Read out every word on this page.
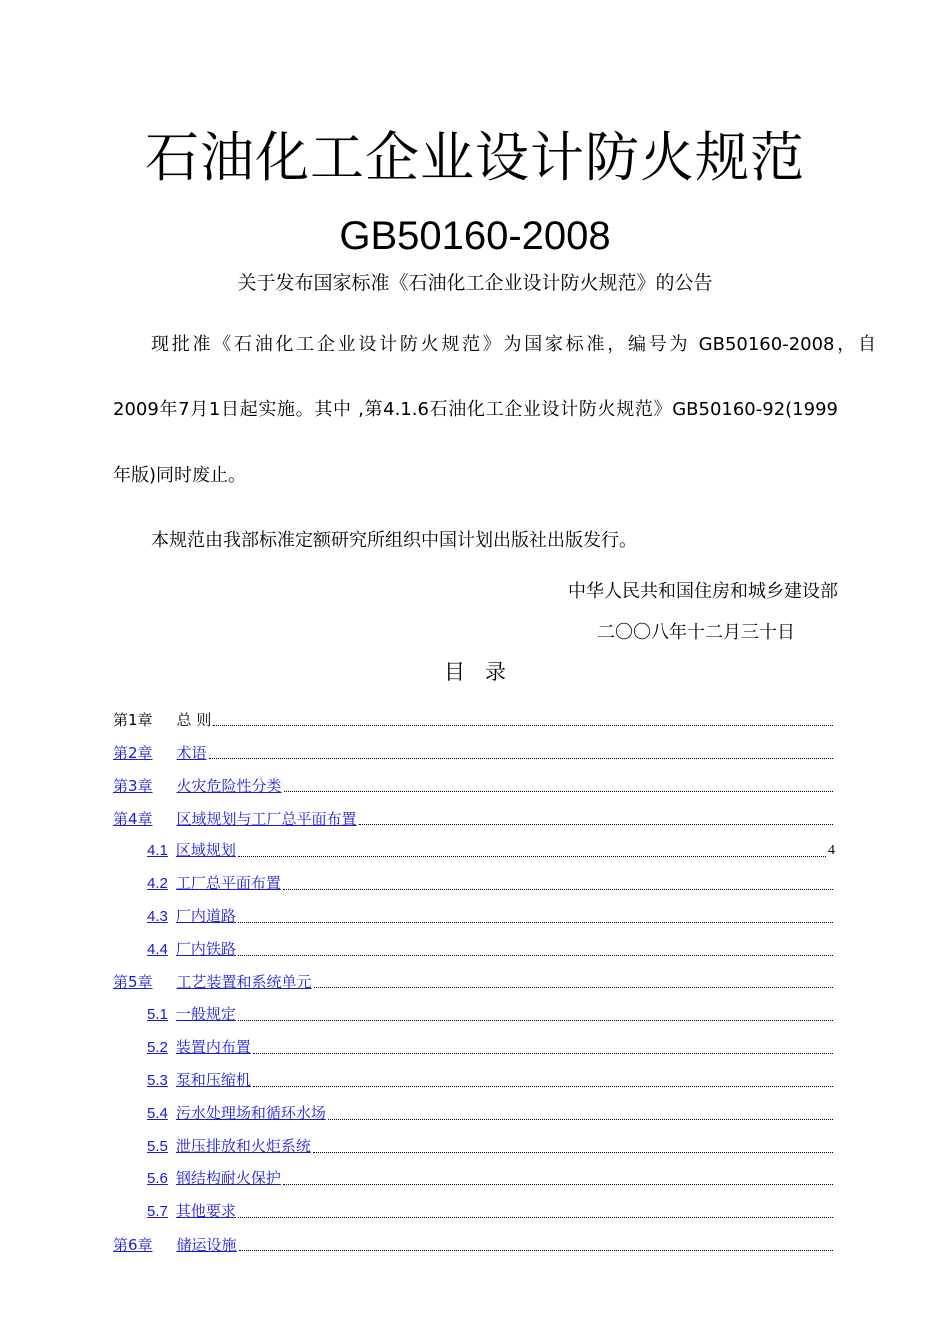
石油化工企业设计防火规范
GB50160-2008
关于发布国家标准《石油化工企业设计防火规范》的公告
现批准《石油化工企业设计防火规范》为国家标准，编号为 GB50160-2008，自
2009年7月1日起实施。其中 ,第4.1.6石油化工企业设计防火规范》GB50160-92(1999
年版)同时废止。
本规范由我部标准定额研究所组织中国计划出版社出版发行。
中华人民共和国住房和城乡建设部
二〇〇八年十二月三十日
目 录
第1章 总 则
第2章 术语
第3章 火灾危险性分类
第4章 区域规划与工厂总平面布置
4.1 区域规划	4
4.2 工厂总平面布置
4.3 厂内道路
4.4 厂内铁路
第5章 工艺装置和系统单元
5.1 一般规定
5.2 装置内布置
5.3 泵和压缩机
5.4 污水处理场和循环水场
5.5 泄压排放和火炬系统
5.6 钢结构耐火保护
5.7 其他要求
第6章 储运设施
